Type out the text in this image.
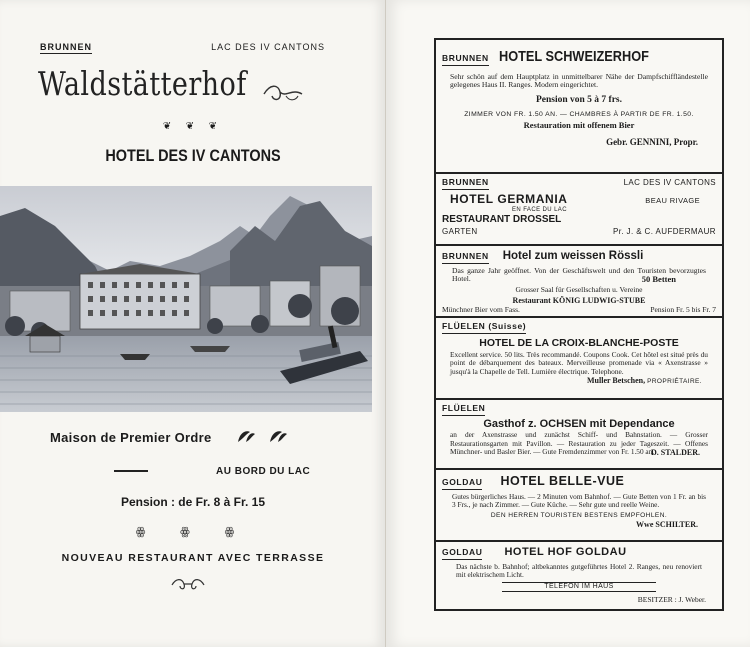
BRUNNEN	LAC DES IV CANTONS
Waldstätterhof
❦ ❦ ❦
HOTEL DES IV CANTONS
Maison de Premier Ordre
AU BORD DU LAC
Pension : de Fr. 8 à Fr. 15
ꙮ ꙮ ꙮ
NOUVEAU RESTAURANT AVEC TERRASSE
BRUNNEN HOTEL SCHWEIZERHOF
Sehr schön auf dem Hauptplatz in unmittelbarer Nähe der Dampfschiffländestelle gelegenes Haus II. Ranges. Modern eingerichtet.
Pension von 5 à 7 frs.
ZIMMER VON FR. 1.50 AN. — CHAMBRES À PARTIR DE FR. 1.50.
Restauration mit offenem Bier
Gebr. GENNINI, Propr.
BRUNNEN	LAC DES IV CANTONS
HOTEL GERMANIA	BEAU RIVAGE
EN FACE DU LAC
RESTAURANT DROSSEL
GARTEN	Pr. J. & C. AUFDERMAUR
BRUNNEN Hotel zum weissen Rössli
Das ganze Jahr geöffnet. Von der Geschäftswelt und den Touristen bevorzugtes Hotel.	50 Betten
Grosser Saal für Gesellschaften u. Vereine
Restaurant KÖNIG LUDWIG-STUBE
Münchner Bier vom Fass.	Pension Fr. 5 bis Fr. 7
FLÜELEN (Suisse)
HOTEL DE LA CROIX-BLANCHE-POSTE
Excellent service. 50 lits. Très recommandé. Coupons Cook. Cet hôtel est situé près du point de débarquement des bateaux. Merveilleuse promenade via « Axenstrasse » jusqu'à la Chapelle de Tell. Lumière électrique. Telephone.
Muller Betschen, PROPRIÉTAIRE.
FLÜELEN
Gasthof z. OCHSEN mit Dependance
an der Axenstrasse und zunächst Schiff- und Bahnstation. — Grosser Restaurationsgarten mit Pavillon. — Restauration zu jeder Tageszeit. — Offenes Münchner- und Basler Bier. — Gute Fremdenzimmer von Fr. 1.50 an.
D. STALDER.
GOLDAU HOTEL BELLE-VUE
Gutes bürgerliches Haus. — 2 Minuten vom Bahnhof. — Gute Betten von 1 Fr. an bis 3 Frs., je nach Zimmer. — Gute Küche. — Sehr gute und reelle Weine.
DEN HERREN TOURISTEN BESTENS EMPFOHLEN.
Wwe SCHILTER.
GOLDAU HOTEL HOF GOLDAU
Das nächste b. Bahnhof; altbekanntes gutgeführtes Hotel 2. Ranges, neu renoviert mit elektrischem Licht.
TELEFON IM HAUS
BESITZER : J. Weber.
